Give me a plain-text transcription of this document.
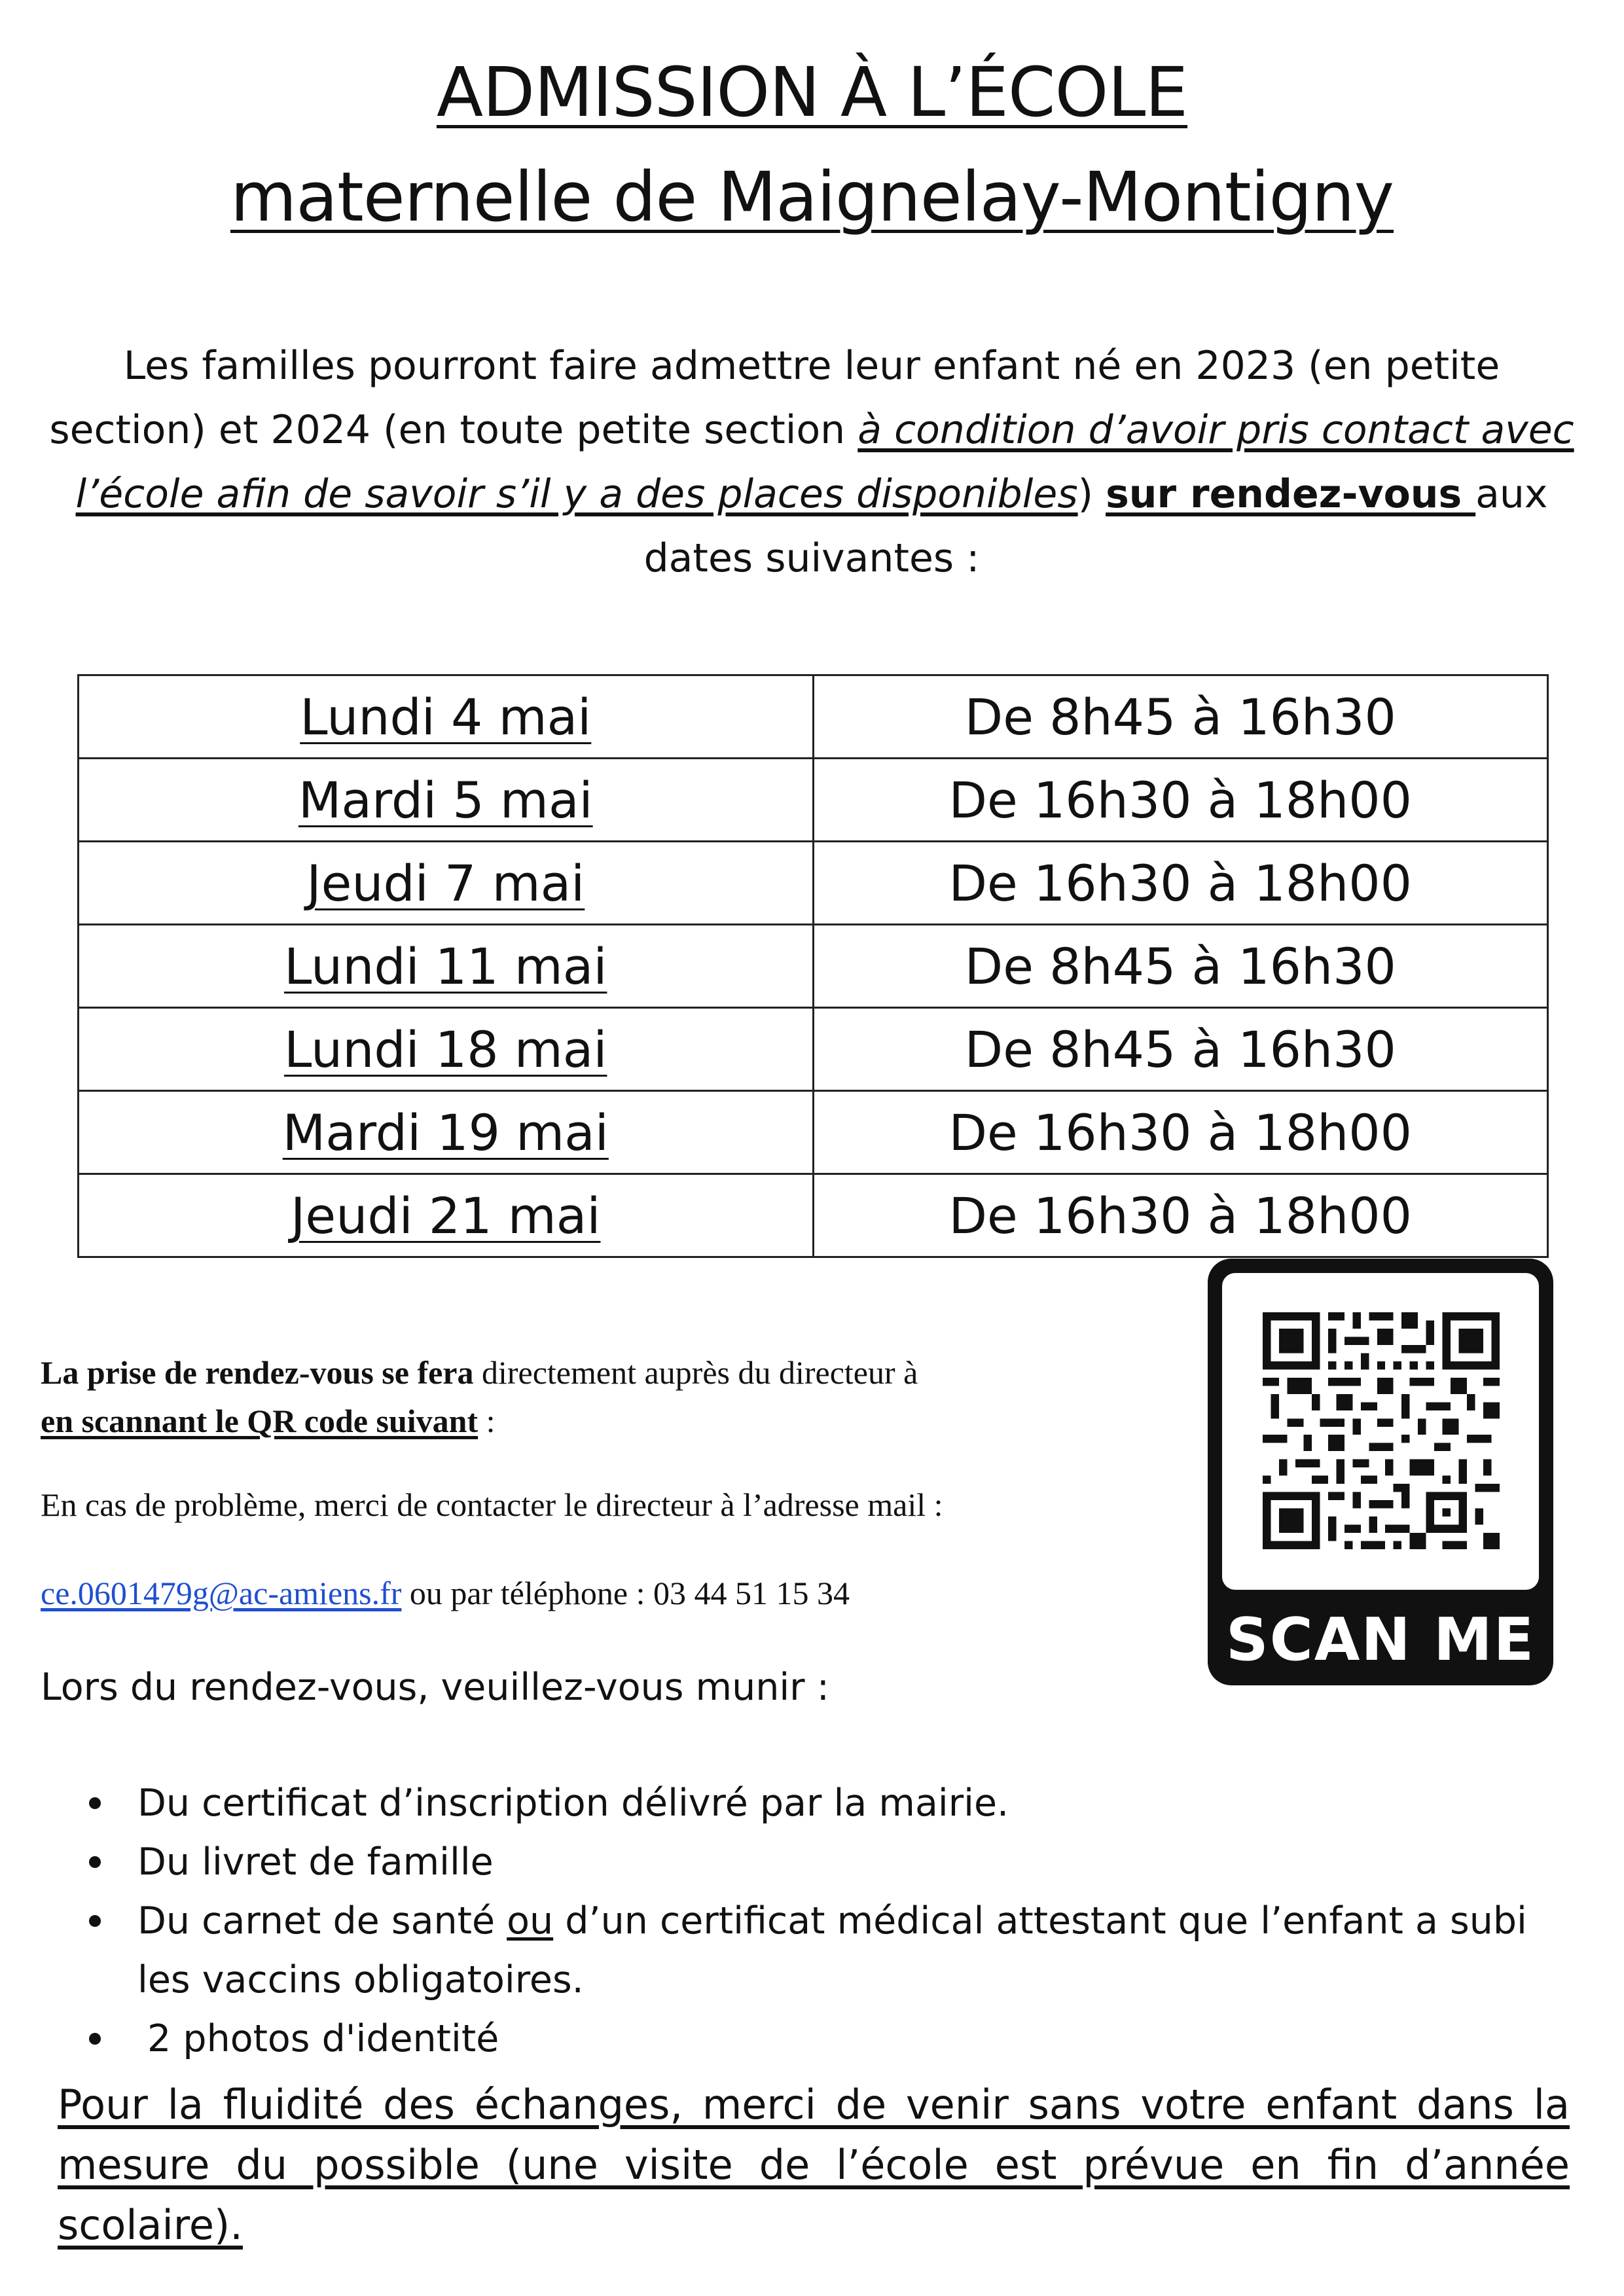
ADMISSION À L’ÉCOLE
maternelle de Maignelay-Montigny
Les familles pourront faire admettre leur enfant né en 2023 (en petite section) et 2024 (en toute petite section à condition d’avoir pris contact avec l’école afin de savoir s’il y a des places disponibles) sur rendez-vous aux dates suivantes :
Lundi 4 mai	De 8h45 à 16h30
Mardi 5 mai	De 16h30 à 18h00
Jeudi 7 mai	De 16h30 à 18h00
Lundi 11 mai	De 8h45 à 16h30
Lundi 18 mai	De 8h45 à 16h30
Mardi 19 mai	De 16h30 à 18h00
Jeudi 21 mai	De 16h30 à 18h00
La prise de rendez-vous se fera directement auprès du directeur à
en scannant le QR code suivant :
En cas de problème, merci de contacter le directeur à l’adresse mail :
ce.0601479g@ac-amiens.fr ou par téléphone : 03 44 51 15 34
SCAN ME
Lors du rendez-vous, veuillez-vous munir :
Du certificat d’inscription délivré par la mairie.
Du livret de famille
Du carnet de santé ou d’un certificat médical attestant que l’enfant a subi les vaccins obligatoires.
2 photos d'identité
Pour la fluidité des échanges, merci de venir sans votre enfant dans la mesure du possible (une visite de l’école est prévue en fin d’année scolaire).
